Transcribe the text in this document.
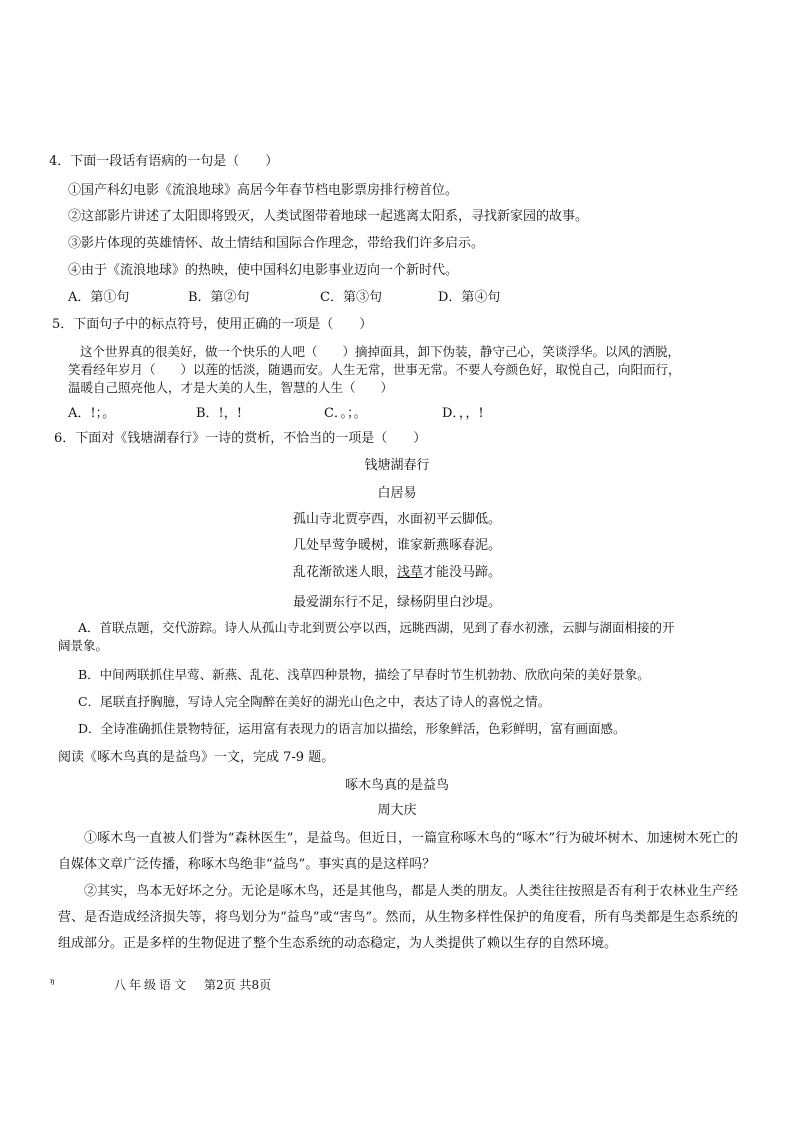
4．下面一段话有语病的一句是（　　）
①国产科幻电影《流浪地球》高居今年春节档电影票房排行榜首位。
②这部影片讲述了太阳即将毁灭，人类试图带着地球一起逃离太阳系，寻找新家园的故事。
③影片体现的英雄情怀、故土情结和国际合作理念，带给我们许多启示。
④由于《流浪地球》的热映，使中国科幻电影事业迈向一个新时代。
A．第①句	B．第②句	C．第③句	D．第④句
5．下面句子中的标点符号，使用正确的一项是（　　）
这个世界真的很美好，做一个快乐的人吧（　　）摘掉面具，卸下伪装，静守己心，笑谈浮华。以风的洒脱，
笑看经年岁月（　　）以莲的恬淡，随遇而安。人生无常，世事无常。不要人夸颜色好，取悦自己，向阳而行，
温暖自己照亮他人，才是大美的人生，智慧的人生（　　）
A．!；。	B．!，!	C．。；。	D．，，!
6．下面对《钱塘湖春行》一诗的赏析，不恰当的一项是（　　）
钱塘湖春行
白居易
孤山寺北贾亭西，水面初平云脚低。
几处早莺争暖树，谁家新燕啄春泥。
乱花渐欲迷人眼，浅草才能没马蹄。
最爱湖东行不足，绿杨阴里白沙堤。
A．首联点题，交代游踪。诗人从孤山寺北到贾公亭以西，远眺西湖，见到了春水初涨，云脚与湖面相接的开
阔景象。
B．中间两联抓住早莺、新燕、乱花、浅草四种景物，描绘了早春时节生机勃勃、欣欣向荣的美好景象。
C．尾联直抒胸臆，写诗人完全陶醉在美好的湖光山色之中，表达了诗人的喜悦之情。
D．全诗准确抓住景物特征，运用富有表现力的语言加以描绘，形象鲜活，色彩鲜明，富有画面感。
阅读《啄木鸟真的是益鸟》一文，完成 7-9 题。
啄木鸟真的是益鸟
周大庆
①啄木鸟一直被人们誉为“森林医生”，是益鸟。但近日，一篇宣称啄木鸟的“啄木”行为破坏树木、加速树木死亡的自媒体文章广泛传播，称啄木鸟绝非“益鸟”。事实真的是这样吗？
②其实，鸟本无好坏之分。无论是啄木鸟，还是其他鸟，都是人类的朋友。人类往往按照是否有利于农林业生产经营、是否造成经济损失等，将鸟划分为“益鸟”或“害鸟”。然而，从生物多样性保护的角度看，所有鸟类都是生态系统的组成部分。正是多样的生物促进了整个生态系统的动态稳定，为人类提供了赖以生存的自然环境。
ᵑ	八年级语文 第2页 共8页
